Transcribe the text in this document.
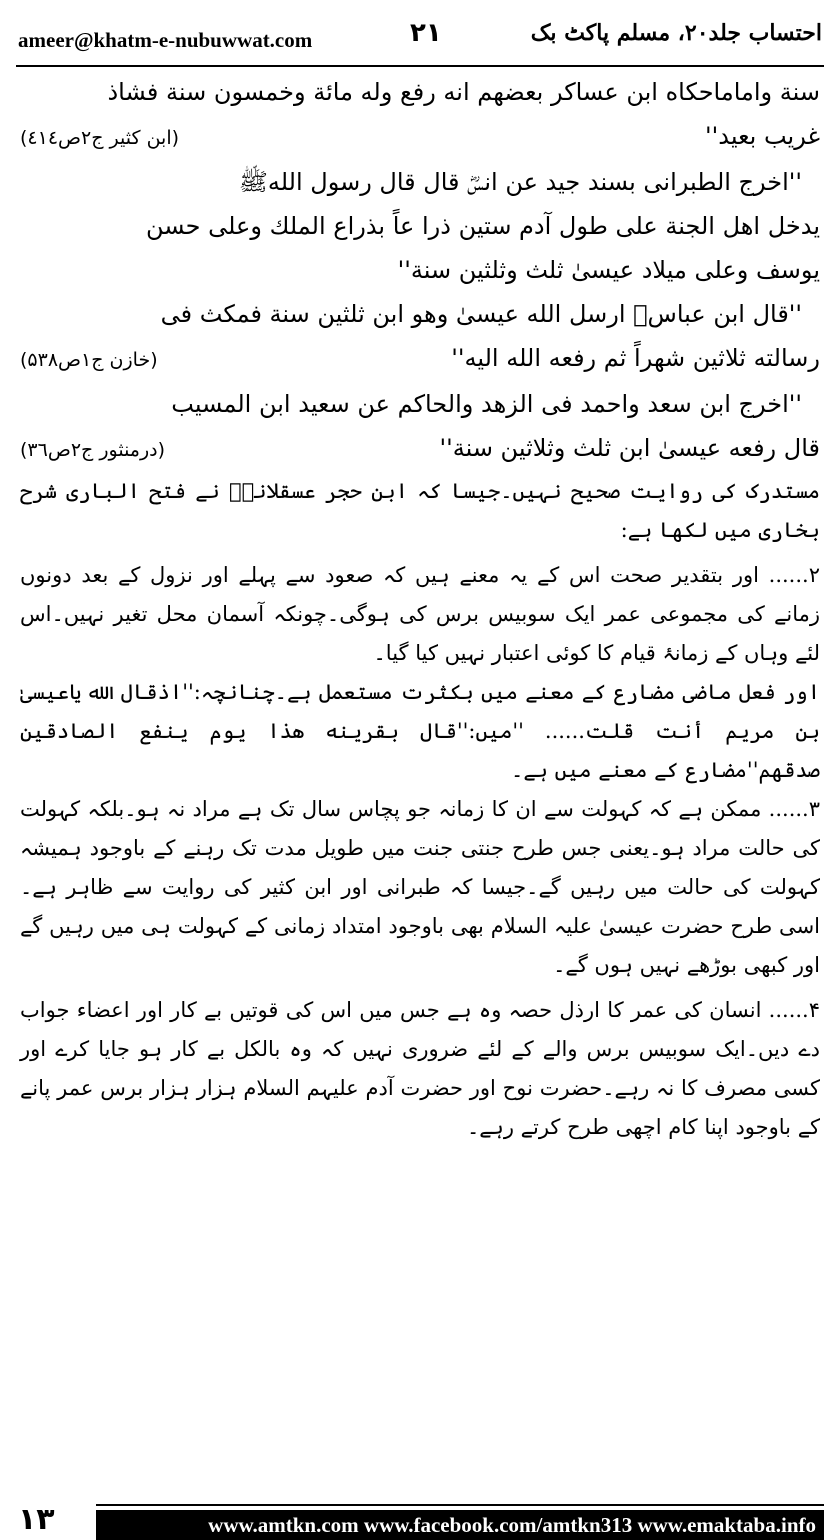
ameer@khatm-e-nubuwwat.com	۲۱	احتساب جلد۲۰، مسلم پاکٹ بک

سنة واماماحكاه ابن عساكر بعضهم انه رفع وله مائة وخمسون سنة فشاذ
غريب بعيد''
(ابن كثير ج۲ص٤١٤)

''اخرج الطبرانى بسند جيد عن انسؓ قال قال رسول اللهﷺ
يدخل اهل الجنة على طول آدم ستين ذرا عاً بذراع الملك وعلى حسن
يوسف وعلى ميلاد عيسىٰ ثلث وثلثين سنة''

''قال ابن عباسؓ ارسل الله عيسىٰ وهو ابن ثلثين سنة فمكث فى
رسالته ثلاثين شهراً ثم رفعه الله اليه''
(خازن ج۱ص۵۳۸)

''اخرج ابن سعد واحمد فى الزهد والحاكم عن سعيد ابن المسيب
قال رفعه عيسىٰ ابن ثلث وثلاثين سنة''
(درمنثور ج۲ص۳٦)

مستدرک کی روایت صحیح نہیں۔جیسا کہ ابن حجر عسقلانیؒ نے فتح الباری شرح بخاری میں لکھا ہے:

۲...... اور بتقدیر صحت اس کے یہ معنے ہیں کہ صعود سے پہلے اور نزول کے بعد دونوں زمانے کی مجموعی عمر ایک سوبیس برس کی ہوگی۔چونکہ آسمان محل تغیر نہیں۔اس لئے وہاں کے زمانۂ قیام کا کوئی اعتبار نہیں کیا گیا۔

اور فعل ماضی مضارع کے معنے میں بکثرت مستعمل ہے۔چنانچہ:''اذقال الله یاعیسیٰ بن مریم أنت قلت...... ''میں:''قال بقرینه هذا یوم ینفع الصادقین صدقهم''مضارع کے معنے میں ہے۔

۳...... ممکن ہے کہ کہولت سے ان کا زمانہ جو پچاس سال تک ہے مراد نہ ہو۔بلکہ کہولت کی حالت مراد ہو۔یعنی جس طرح جنتی جنت میں طویل مدت تک رہنے کے باوجود ہمیشہ کہولت کی حالت میں رہیں گے۔جیسا کہ طبرانی اور ابن کثیر کی روایت سے ظاہر ہے۔اسی طرح حضرت عیسیٰ علیہ السلام بھی باوجود امتداد زمانی کے کہولت ہی میں رہیں گے اور کبھی بوڑھے نہیں ہوں گے۔

۴...... انسان کی عمر کا ارذل حصہ وہ ہے جس میں اس کی قوتیں بے کار اور اعضاء جواب دے دیں۔ایک سوبیس برس والے کے لئے ضروری نہیں کہ وہ بالکل بے کار ہو جایا کرے اور کسی مصرف کا نہ رہے۔حضرت نوح اور حضرت آدم علیہم السلام ہزار ہزار برس عمر پانے کے باوجود اپنا کام اچھی طرح کرتے رہے۔

۱۳	www.amtkn.com www.facebook.com/amtkn313 www.emaktaba.info
